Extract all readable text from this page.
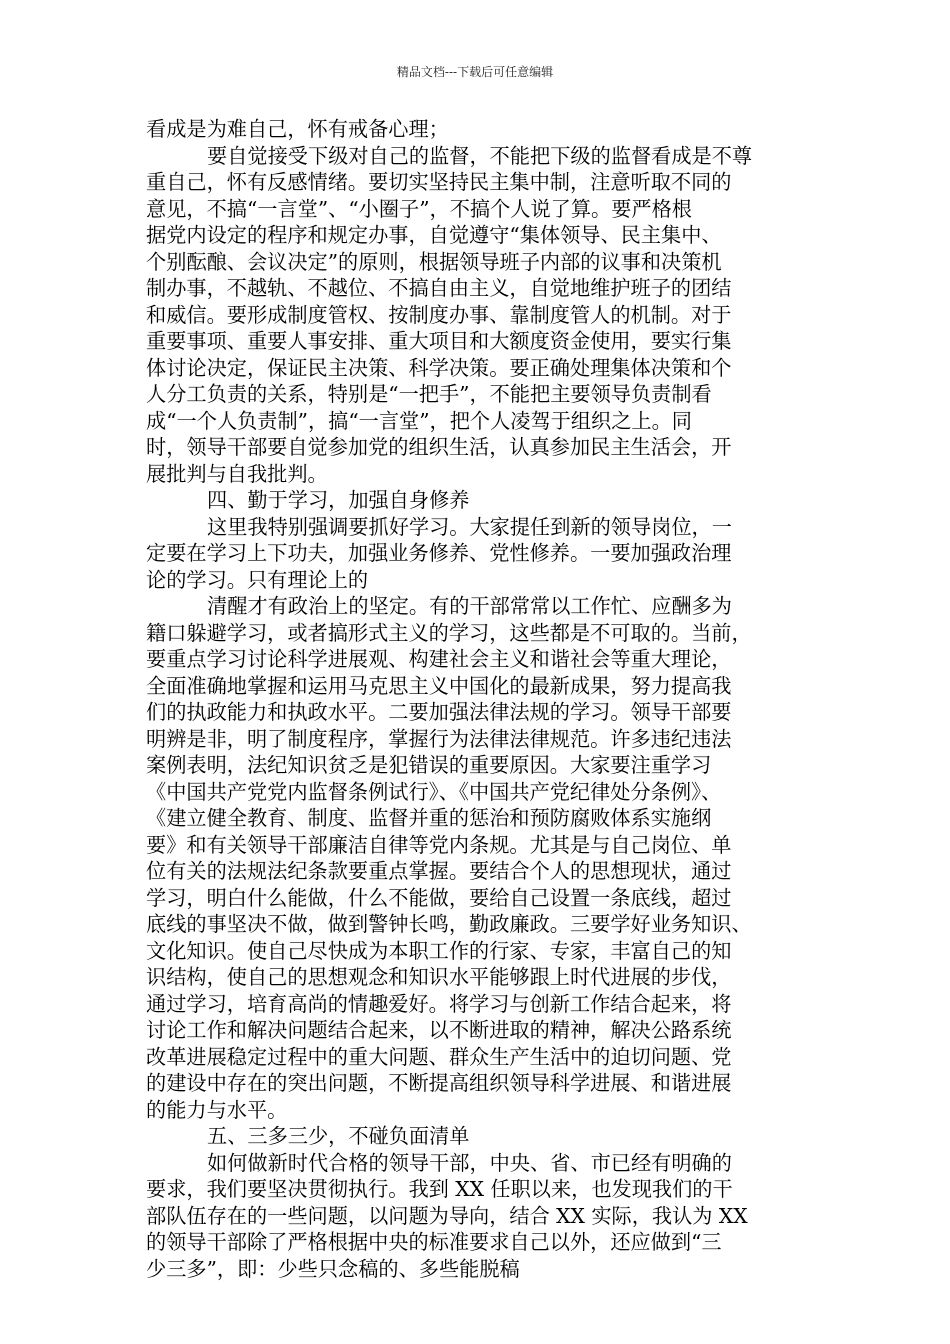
精品文档---下载后可任意编辑
看成是为难自己，怀有戒备心理；
要自觉接受下级对自己的监督，不能把下级的监督看成是不尊
重自己，怀有反感情绪。要切实坚持民主集中制，注意听取不同的
意见，不搞“一言堂”、“小圈子”，不搞个人说了算。要严格根
据党内设定的程序和规定办事，自觉遵守“集体领导、民主集中、
个别酝酿、会议决定”的原则，根据领导班子内部的议事和决策机
制办事，不越轨、不越位、不搞自由主义，自觉地维护班子的团结
和威信。要形成制度管权、按制度办事、靠制度管人的机制。对于
重要事项、重要人事安排、重大项目和大额度资金使用，要实行集
体讨论决定，保证民主决策、科学决策。要正确处理集体决策和个
人分工负责的关系，特别是“一把手”，不能把主要领导负责制看
成“一个人负责制”，搞“一言堂”，把个人凌驾于组织之上。同
时，领导干部要自觉参加党的组织生活，认真参加民主生活会，开
展批判与自我批判。
四、勤于学习，加强自身修养
这里我特别强调要抓好学习。大家提任到新的领导岗位，一
定要在学习上下功夫，加强业务修养、党性修养。一要加强政治理
论的学习。只有理论上的
清醒才有政治上的坚定。有的干部常常以工作忙、应酬多为
籍口躲避学习，或者搞形式主义的学习，这些都是不可取的。当前，
要重点学习讨论科学进展观、构建社会主义和谐社会等重大理论，
全面准确地掌握和运用马克思主义中国化的最新成果，努力提高我
们的执政能力和执政水平。二要加强法律法规的学习。领导干部要
明辨是非，明了制度程序，掌握行为法律法律规范。许多违纪违法
案例表明，法纪知识贫乏是犯错误的重要原因。大家要注重学习
《中国共产党党内监督条例试行》、《中国共产党纪律处分条例》、
《建立健全教育、制度、监督并重的惩治和预防腐败体系实施纲
要》和有关领导干部廉洁自律等党内条规。尤其是与自己岗位、单
位有关的法规法纪条款要重点掌握。要结合个人的思想现状，通过
学习，明白什么能做，什么不能做，要给自己设置一条底线，超过
底线的事坚决不做，做到警钟长鸣，勤政廉政。三要学好业务知识、
文化知识。使自己尽快成为本职工作的行家、专家，丰富自己的知
识结构，使自己的思想观念和知识水平能够跟上时代进展的步伐，
通过学习，培育高尚的情趣爱好。将学习与创新工作结合起来，将
讨论工作和解决问题结合起来，以不断进取的精神，解决公路系统
改革进展稳定过程中的重大问题、群众生产生活中的迫切问题、党
的建设中存在的突出问题，不断提高组织领导科学进展、和谐进展
的能力与水平。
五、三多三少，不碰负面清单
如何做新时代合格的领导干部，中央、省、市已经有明确的
要求，我们要坚决贯彻执行。我到 XX 任职以来，也发现我们的干
部队伍存在的一些问题，以问题为导向，结合 XX 实际，我认为 XX
的领导干部除了严格根据中央的标准要求自己以外，还应做到“三
少三多”，即：少些只念稿的、多些能脱稿
